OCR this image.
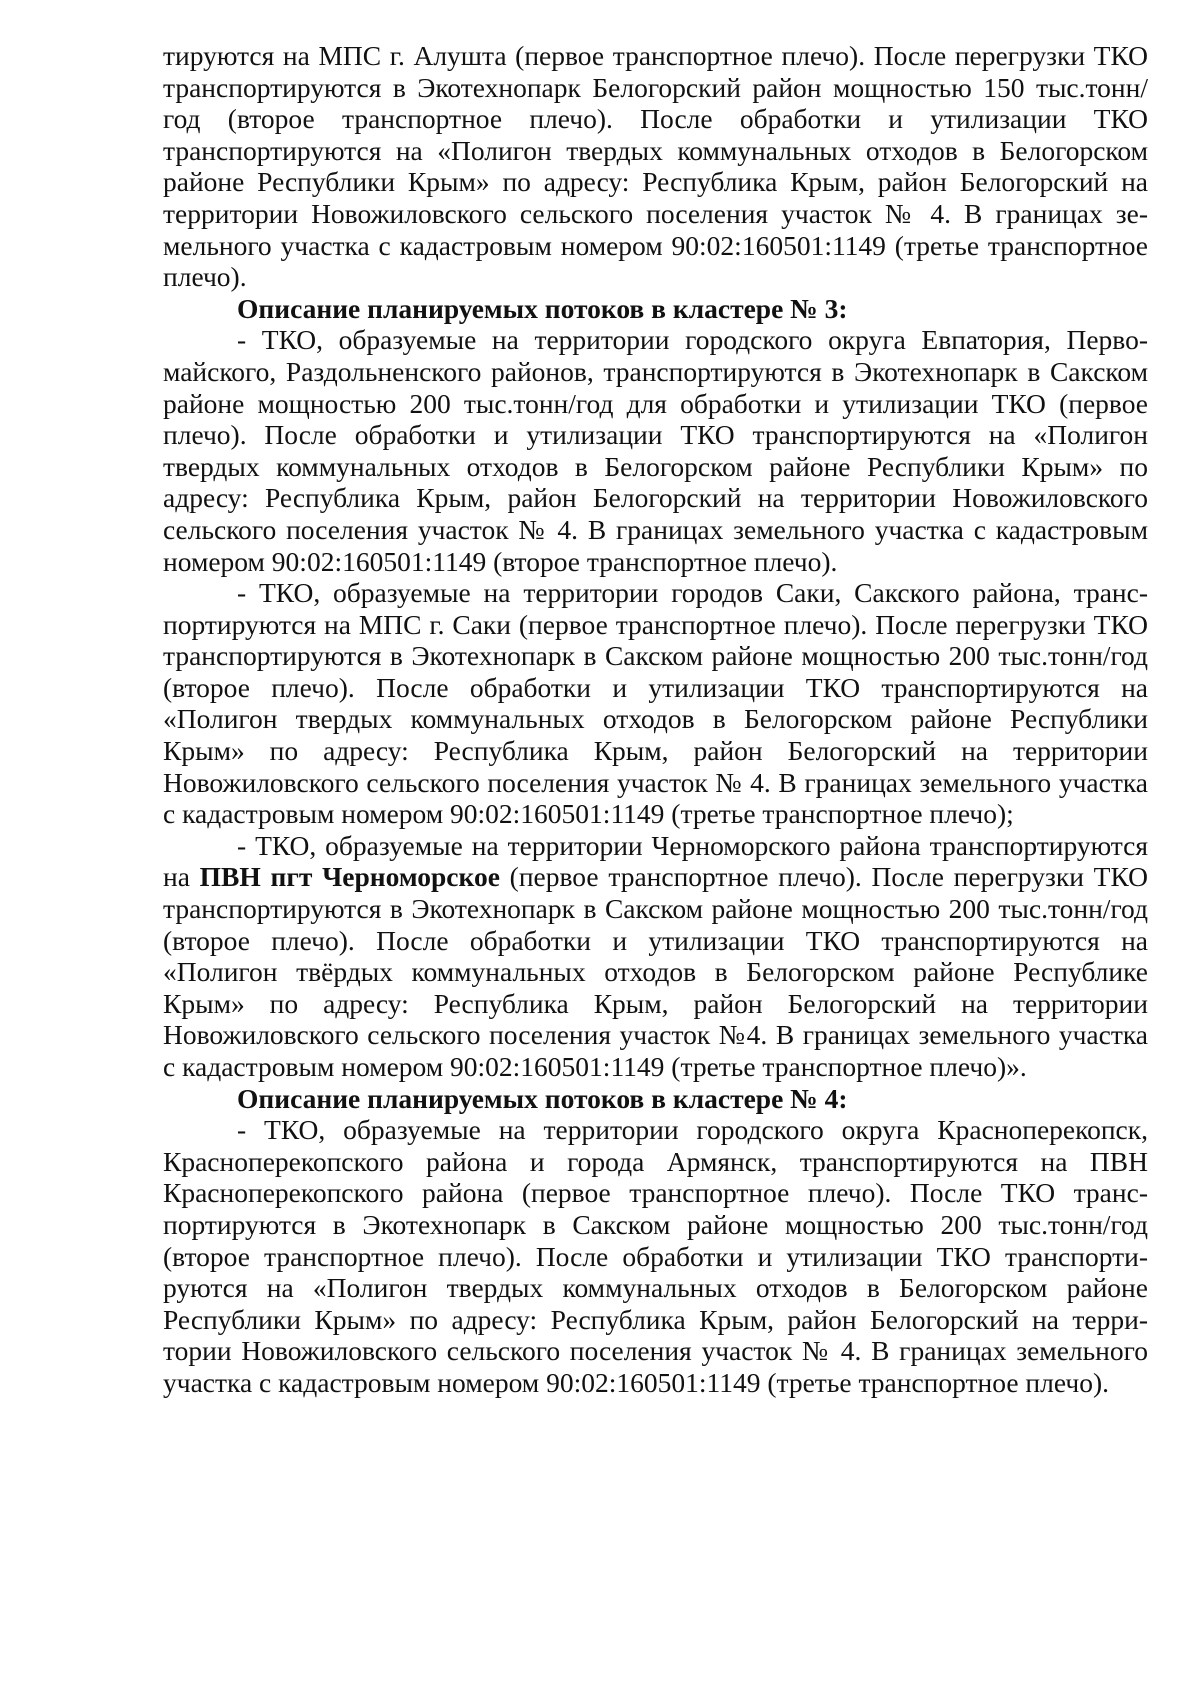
тируются на МПС г. Алушта (первое транспортное плечо). После перегрузки ТКО транспортируются в Экотехнопарк Белогорский район мощностью 150 тыс.тонн/год (второе транспортное плечо). После обработки и утилизации ТКО транспортируются на «Полигон твердых коммунальных отходов в Белогорском районе Республики Крым» по адресу: Республика Крым, район Белогорский на территории Новожиловского сельского поселения участок № 4. В границах земельного участка с кадастровым номером 90:02:160501:1149 (третье транспортное плечо).

Описание планируемых потоков в кластере № 3:

- ТКО, образуемые на территории городского округа Евпатория, Первомайского, Раздольненского районов, транспортируются в Экотехнопарк в Сакском районе мощностью 200 тыс.тонн/год для обработки и утилизации ТКО (первое плечо). После обработки и утилизации ТКО транспортируются на «Полигон твердых коммунальных отходов в Белогорском районе Республики Крым» по адресу: Республика Крым, район Белогорский на территории Новожиловского сельского поселения участок № 4. В границах земельного участка с кадастровым номером 90:02:160501:1149 (второе транспортное плечо).

- ТКО, образуемые на территории городов Саки, Сакского района, транспортируются на МПС г. Саки (первое транспортное плечо). После перегрузки ТКО транспортируются в Экотехнопарк в Сакском районе мощностью 200 тыс.тонн/год (второе плечо). После обработки и утилизации ТКО транспортируются на «Полигон твердых коммунальных отходов в Белогорском районе Республики Крым» по адресу: Республика Крым, район Белогорский на территории Новожиловского сельского поселения участок № 4. В границах земельного участка с кадастровым номером 90:02:160501:1149 (третье транспортное плечо);

- ТКО, образуемые на территории Черноморского района транспортируются на ПВН пгт Черноморское (первое транспортное плечо). После перегрузки ТКО транспортируются в Экотехнопарк в Сакском районе мощностью 200 тыс.тонн/год (второе плечо). После обработки и утилизации ТКО транспортируются на «Полигон твёрдых коммунальных отходов в Белогорском районе Республике Крым» по адресу: Республика Крым, район Белогорский на территории Новожиловского сельского поселения участок №4. В границах земельного участка с кадастровым номером 90:02:160501:1149 (третье транспортное плечо)».

Описание планируемых потоков в кластере № 4:

- ТКО, образуемые на территории городского округа Красноперекопск, Красноперекопского района и города Армянск, транспортируются на ПВН Красноперекопского района (первое транспортное плечо). После ТКО транспортируются в Экотехнопарк в Сакском районе мощностью 200 тыс.тонн/год (второе транспортное плечо). После обработки и утилизации ТКО транспортируются на «Полигон твердых коммунальных отходов в Белогорском районе Республики Крым» по адресу: Республика Крым, район Белогорский на территории Новожиловского сельского поселения участок № 4. В границах земельного участка с кадастровым номером 90:02:160501:1149 (третье транспортное плечо).
